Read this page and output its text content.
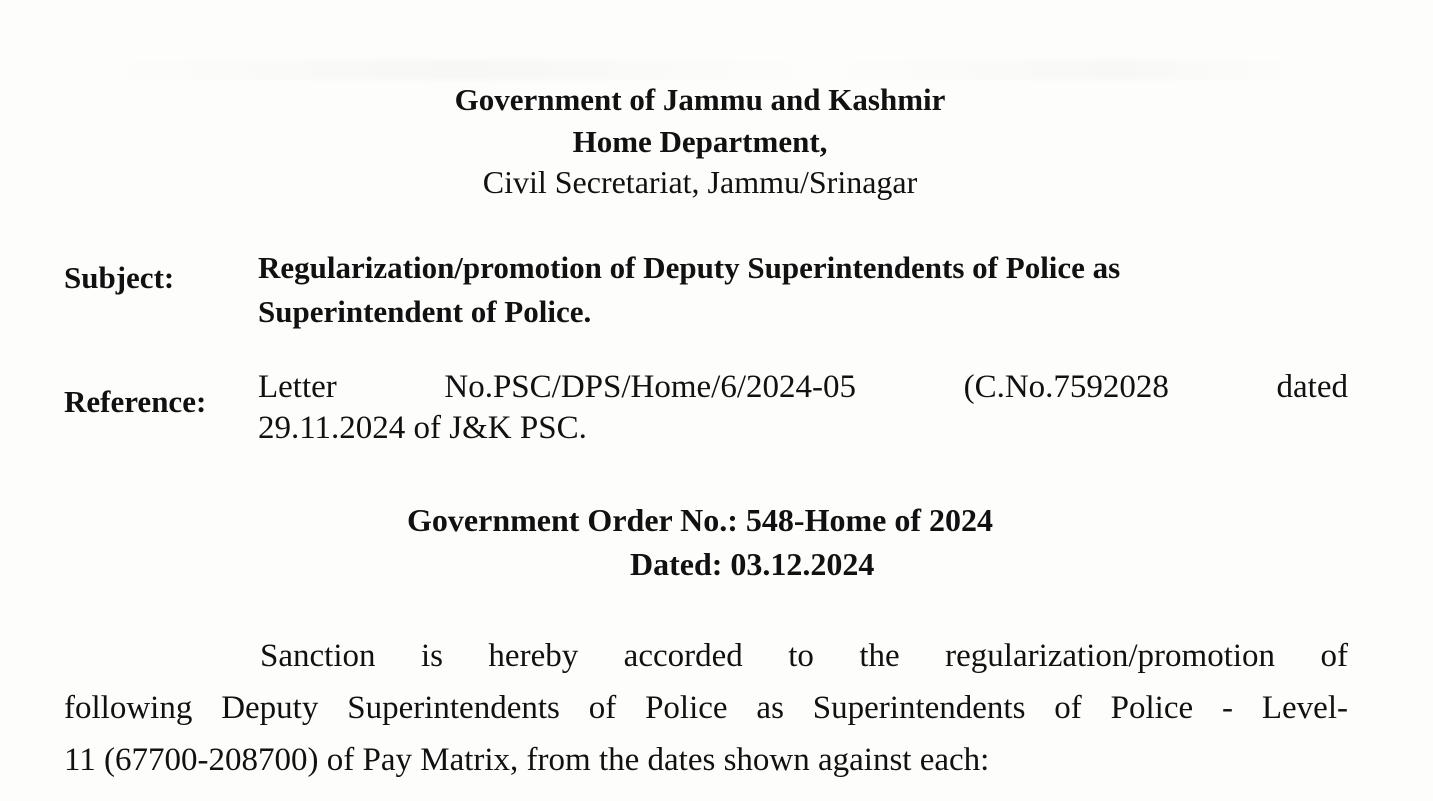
Government of Jammu and Kashmir
Home Department,
Civil Secretariat, Jammu/Srinagar
Subject:	Regularization/promotion of Deputy Superintendents of Police as
Superintendent of Police.
Reference: Letter	No.PSC/DPS/Home/6/2024-05	(C.No.7592028	dated
29.11.2024 of J&K PSC.
Government Order No.: 548-Home of 2024
Dated: 03.12.2024

Sanction is hereby accorded to the regularization/promotion of

following Deputy Superintendents of Police as Superintendents of Police - Level-

11 (67700-208700) of Pay Matrix, from the dates shown against each:
